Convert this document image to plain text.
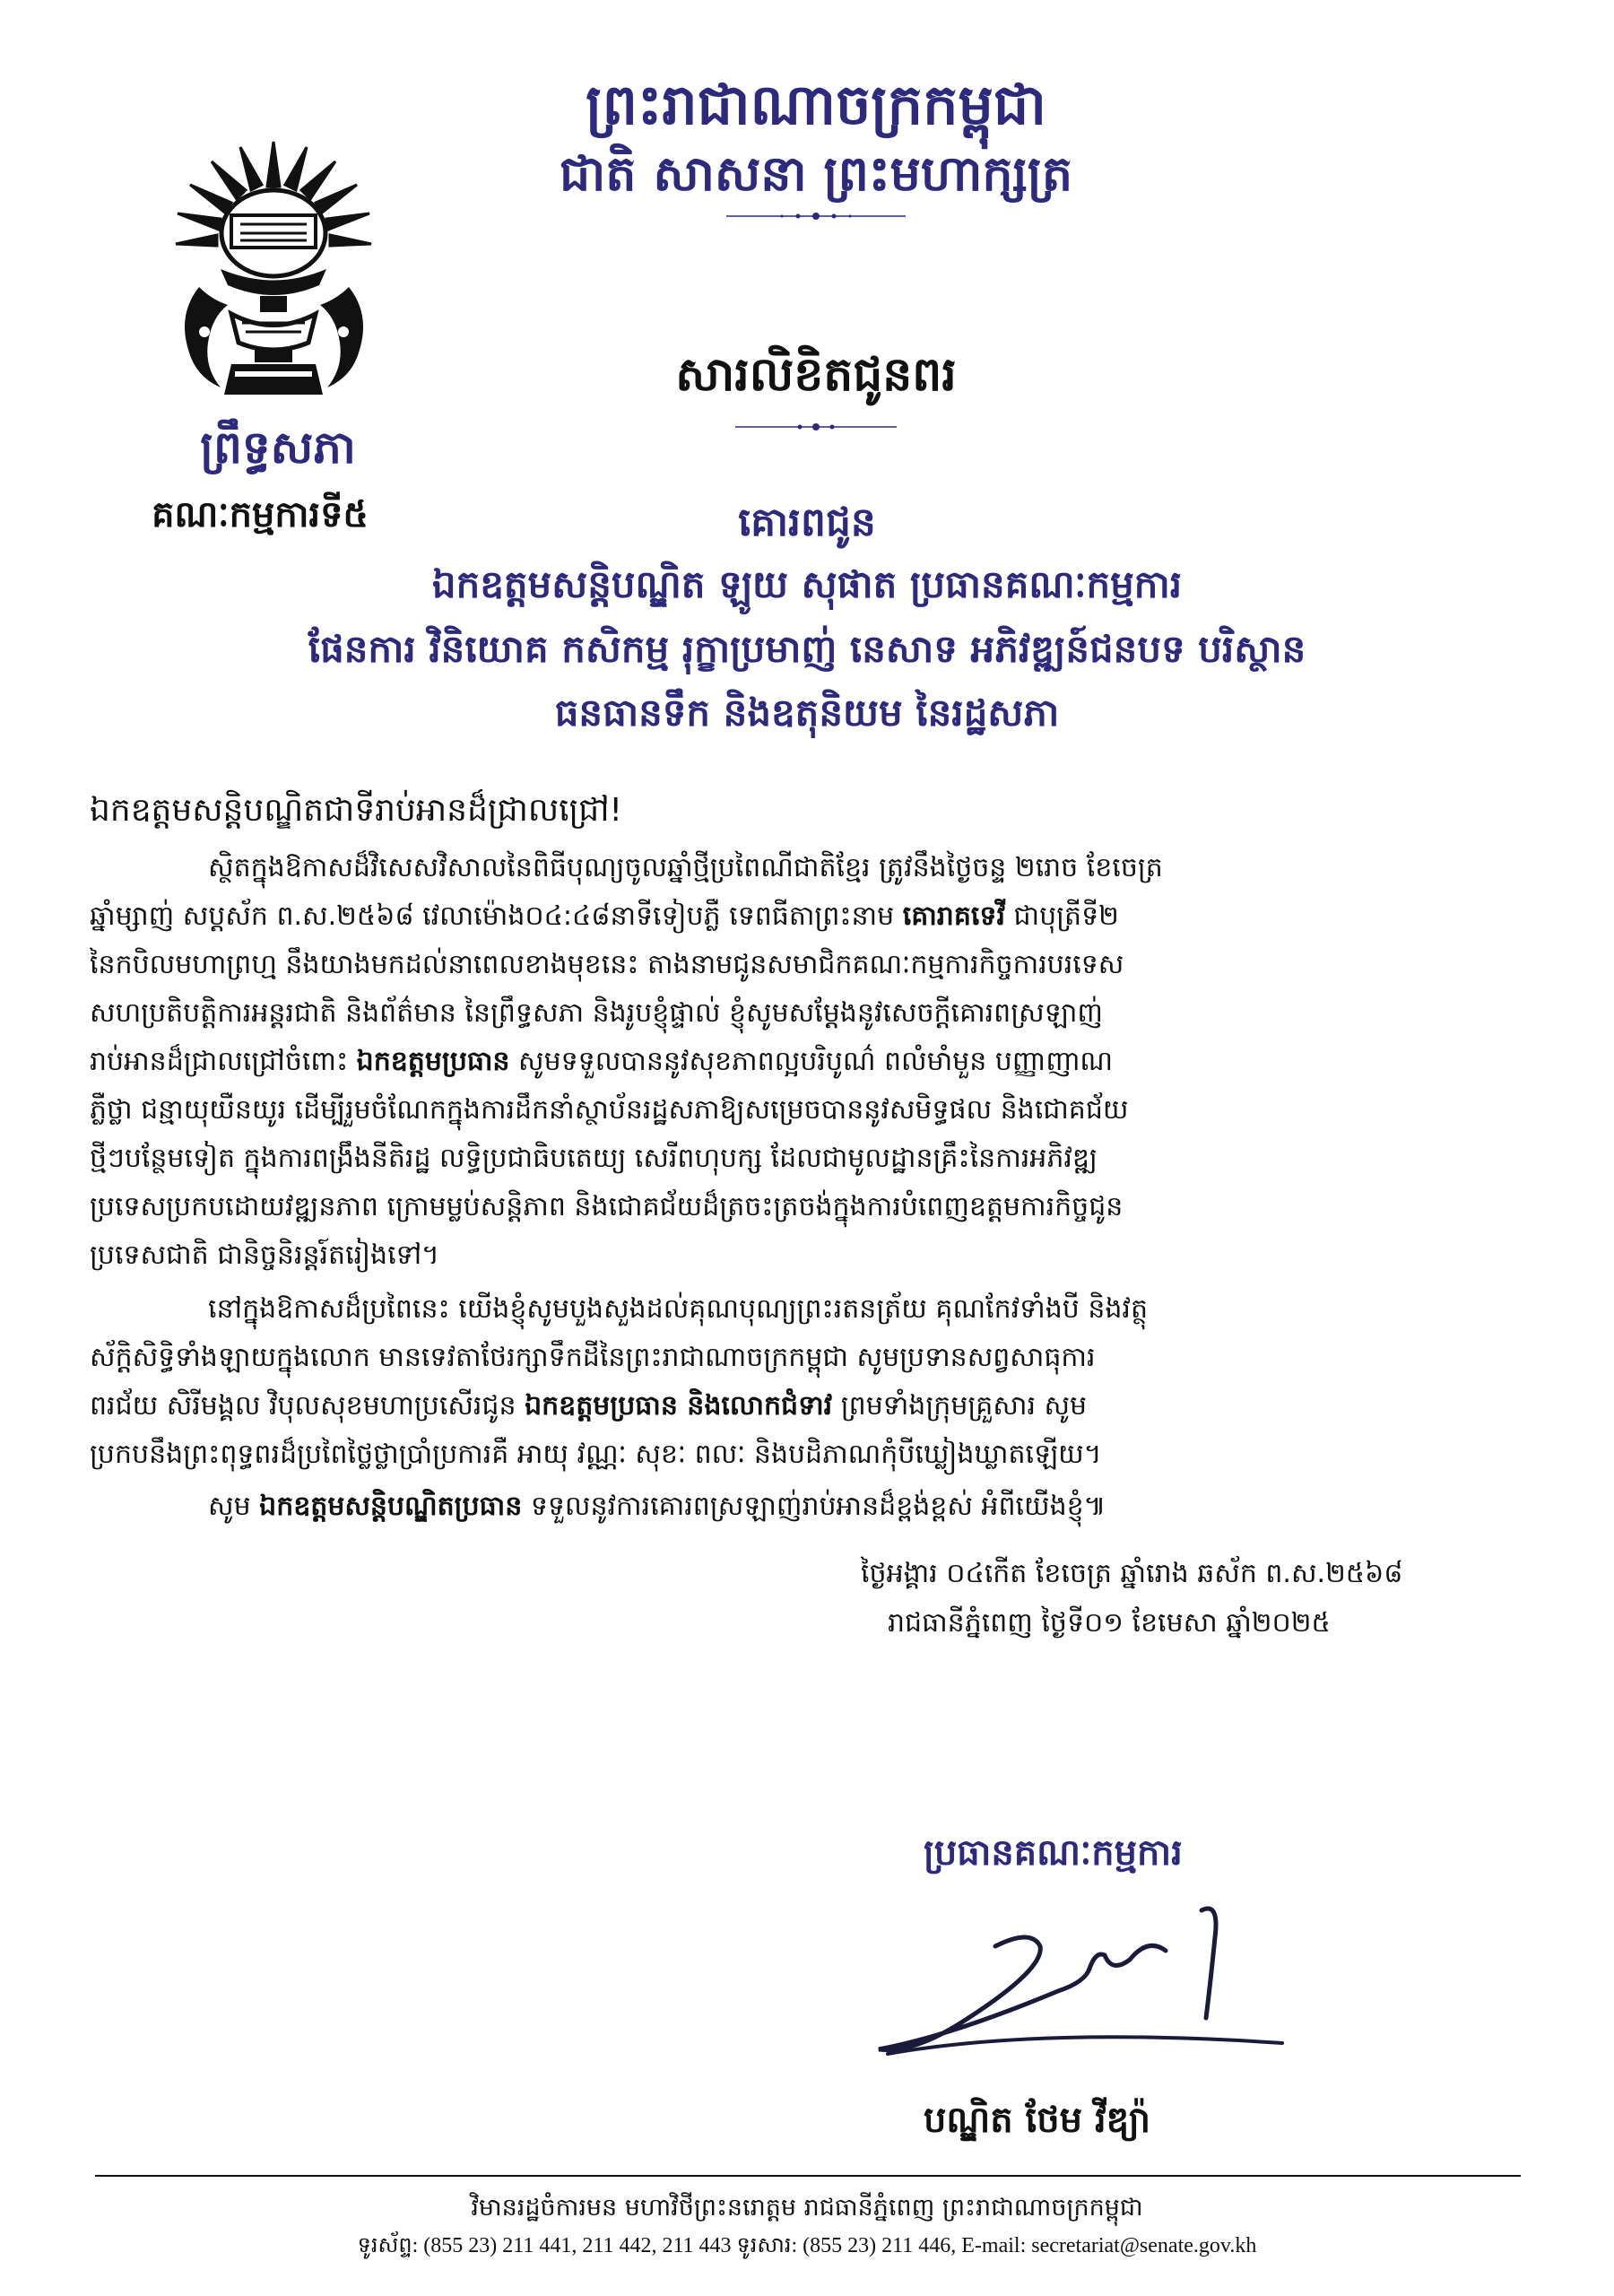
ព្រឹទ្ធសភា
គណៈកម្មការទី៥
ព្រះរាជាណាចក្រកម្ពុជា
ជាតិ សាសនា ព្រះមហាក្សត្រ
សារលិខិតជូនពរ
គោរពជូន
ឯកឧត្តមសន្តិបណ្ឌិត ឡូយ សុផាត ប្រធានគណៈកម្មការ
ផែនការ វិនិយោគ កសិកម្ម រុក្ខាប្រមាញ់ នេសាទ អភិវឌ្ឍន៍ជនបទ បរិស្ថាន
ធនធានទឹក និងឧតុនិយម នៃរដ្ឋសភា
ឯកឧត្តមសន្តិបណ្ឌិតជាទីរាប់អានដ៏ជ្រាលជ្រៅ!
ស្ថិតក្នុងឱកាសដ៏វិសេសវិសាលនៃពិធីបុណ្យចូលឆ្នាំថ្មីប្រពៃណីជាតិខ្មែរ ត្រូវនឹងថ្ងៃចន្ទ ២រោច ខែចេត្រ
ឆ្នាំម្សាញ់ សប្តស័ក ព.ស.២៥៦៨ វេលាម៉ោង០៤:៤៨នាទីទៀបភ្លឺ ទេពធីតាព្រះនាម គោរាគទេវី ជាបុត្រីទី២
នៃកបិលមហាព្រហ្ម នឹងយាងមកដល់នាពេលខាងមុខនេះ តាងនាមជូនសមាជិកគណៈកម្មការកិច្ចការបរទេស
សហប្រតិបត្តិការអន្តរជាតិ និងព័ត៌មាន នៃព្រឹទ្ធសភា និងរូបខ្ញុំផ្ទាល់ ខ្ញុំសូមសម្តែងនូវសេចក្តីគោរពស្រឡាញ់
រាប់អានដ៏ជ្រាលជ្រៅចំពោះ ឯកឧត្តមប្រធាន សូមទទួលបាននូវសុខភាពល្អបរិបូណ៌ ពលំមាំមួន បញ្ញាញាណ
ភ្លឺថ្លា ជន្មាយុយឺនយូរ ដើម្បីរួមចំណែកក្នុងការដឹកនាំស្ថាប័នរដ្ឋសភាឱ្យសម្រេចបាននូវសមិទ្ធផល និងជោគជ័យ
ថ្មីៗបន្ថែមទៀត ក្នុងការពង្រឹងនីតិរដ្ឋ លទ្ធិប្រជាធិបតេយ្យ សេរីពហុបក្ស ដែលជាមូលដ្ឋានគ្រឹះនៃការអភិវឌ្ឍ
ប្រទេសប្រកបដោយវឌ្ឍនភាព ក្រោមម្លប់សន្តិភាព និងជោគជ័យដ៏ត្រចះត្រចង់ក្នុងការបំពេញឧត្តមការកិច្ចជូន
ប្រទេសជាតិ ជានិច្ចនិរន្តរ៍តរៀងទៅ។
នៅក្នុងឱកាសដ៏ប្រពៃនេះ យើងខ្ញុំសូមបួងសួងដល់គុណបុណ្យព្រះរតនត្រ័យ គុណកែវទាំងបី និងវត្ថុ
ស័ក្តិសិទ្ធិទាំងឡាយក្នុងលោក មានទេវតាថែរក្សាទឹកដីនៃព្រះរាជាណាចក្រកម្ពុជា សូមប្រទានសព្វសាធុការ
ពរជ័យ សិរីមង្គល វិបុលសុខមហាប្រសើរជូន ឯកឧត្តមប្រធាន និងលោកជំទាវ ព្រមទាំងក្រុមគ្រួសារ សូម
ប្រកបនឹងព្រះពុទ្ធពរដ៏ប្រពៃថ្លៃថ្លាប្រាំប្រការគឺ អាយុ វណ្ណៈ សុខៈ ពលៈ និងបដិភាណកុំបីឃ្លៀងឃ្លាតឡើយ។
សូម ឯកឧត្តមសន្តិបណ្ឌិតប្រធាន ទទួលនូវការគោរពស្រឡាញ់រាប់អានដ៏ខ្ពង់ខ្ពស់ អំពីយើងខ្ញុំ៕
ថ្ងៃអង្គារ ០៤កើត ខែចេត្រ ឆ្នាំរោង ឆស័ក ព.ស.២៥៦៨
រាជធានីភ្នំពេញ ថ្ងៃទី០១ ខែមេសា ឆ្នាំ២០២៥
ប្រធានគណៈកម្មការ
បណ្ឌិត ថែម វីឌ្យ៉ា
វិមានរដ្ឋចំការមន មហាវិថីព្រះនរោត្តម រាជធានីភ្នំពេញ ព្រះរាជាណាចក្រកម្ពុជា
ទូរស័ព្ទ: (855 23) 211 441, 211 442, 211 443 ទូរសារ: (855 23) 211 446, E-mail: secretariat@senate.gov.kh
